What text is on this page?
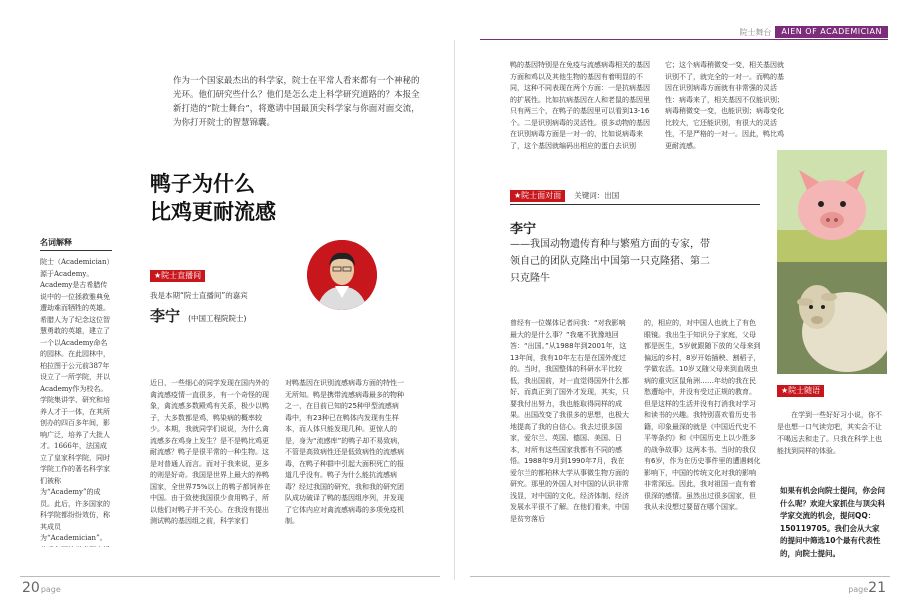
院士舞台	AIEN OF ACADEMICIAN
作为一个国家最杰出的科学家，院士在平常人看来都有一个神秘的光环。他们研究些什么？他们是怎么走上科学研究道路的？本报全新打造的“院士舞台”，将邀请中国最顶尖科学家与你面对面交流，为你打开院士的智慧锦囊。
鸭子为什么
比鸡更耐流感
名词解释
院士（Academician）源于Academy。Academy是古希腊传说中的一位拯救雅典免遭劫难而牺牲的英雄。希腊人为了纪念这位智慧勇敢的英雄，建立了一个以Academy命名的园林。在此园林中，柏拉图于公元前387年设立了一所学院，并以Academy作为校名。学院集讲学、研究和培养人才于一体，在其所创办的四百多年间，影响广泛，培养了大批人才。1666年，法国成立了皇家科学院，同时学院工作的著名科学家们被称为“Academy”的成员。此后，许多国家的科学院都纷纷效仿，称其成员为“Academician”。
★院士直播间
我是本期“院士直播间”的嘉宾
李宁 (中国工程院院士)
近日，一些细心的同学发现在国内外的禽流感疫情一直很多，有一个奇怪的现象，禽流感多数殿鸡有关系，极少以鸭子，大多数都是鸡，鸭染病的概率较少。本期，我就同学们说说，为什么禽流感多在鸡身上发生？是不是鸭比鸡更耐流感？鸭子是很平常的一种生物。这是对普通人而言。而对于我来说，更多的则是好奇。我国是世界上最大的养鸭国家，全世界75%以上的鸭子都饲养在中国。由于致使我国很少食用鸭子，所以他们对鸭子并不关心。在我没有提出测试鸭的基因组之前，科学家们
对鸭基因在识别流感病毒方面的特性一无所知。鸭是携带流感病毒最多的物种之一，在目前已知的25种甲型流感病毒中，有23种已在鸭体内发现有生样本，而人体只能发现几种。更惊人的是，身为“流感库”的鸭子却不易致病，不管是高致病性还是低致病性的流感病毒，在鸭子种群中引起大面积死亡的报道几乎没有。鸭子为什么能抗流感病毒？经过我国的研究，我和我的研究团队成功破译了鸭的基因组序列，并发现了它体内应对禽流感病毒的多项免疫机制。
鸭的基因特别是在免疫与流感病毒相关的基因方面和鸡以及其他生物的基因有着明显的不同，这种不同表现在两个方面：一是抗病基因的扩展性。比如抗病基因在人和老鼠的基因里只有两三个，在鸭子的基因里可以看到13-16个。二是识别病毒的灵活性。很多动物的基因在识别病毒方面是一对一的，比如说病毒来了，这个基因就编码出相应的蛋白去识别
它；这个病毒稍微变一变，相关基因就识别不了，就完全的一对一。而鸭的基因在识别病毒方面就有非常强的灵活性：病毒来了，相关基因不仅能识别；病毒稍微变一变，也能识别；病毒变化比较大，它还能识别，有很大的灵活性，不是严格的一对一。因此，鸭比鸡更耐流感。
★院士面对面 关键词：出国
李宁
——我国动物遗传育种与繁殖方面的专家，带领自己的团队克隆出中国第一只克隆猪、第二只克隆牛
曾经有一位媒体记者问我：“对我影响最大的是什么事？”我毫不犹豫地回答：“出国。”从1988年到2001年，这13年间，我有10年左右是在国外度过的。当时，我国整体的科研水平比较低，我出国前，对一直觉得国外什么都好、而真正到了国外才发现，其实，只要我付出努力，我也能取得同样的成果。出国改变了我很多的思想，也极大地提高了我的自信心。我去过很多国家，爱尔兰、英国、德国、美国、日本，对所有这些国家我都有不同的感悟。1988年9月到1990年7月，我在爱尔兰的都柏林大学从事微生物方面的研究。那里的外国人对中国的认识非常浅显，对中国的文化，经济体制、经济发展水平很不了解。在他们看来，中国是贫穷落后
的，相应的，对中国人也就上了有色眼镜。我出生于知识分子家庭，父母都是医生，5岁就跟随下放的父母来到偏远的乡村，8岁开始插秧、割稻子，学做农活。10岁又随父母来到血吸虫病的重灾区鼠角洲……年幼的我在民愁遭绐中，并没有受过正规的教育。但是这样的生活并没有打消我对学习和读书的兴趣。我特别喜欢看历史书籍，印象最深的就是《中国近代史不平等条约》和《中国历史上以少胜多的战争故事》这两本书。当时的我仅有6岁，作为在历史事件里的遭遇刺化影响下，中国的传统文化对我的影响非常深远。因此，我对祖国一直有着很深的感情。虽然出过很多国家，但我从未没想过要留在哪个国家。
★院士随语
在学到一些好好习小说，你不是也想一口气读完吧，其实会不让不喝远去和走了。只我在科学上也能找到同样的体验。
如果有机会向院士提问，你会问什么呢？欢迎大家抓住与顶尖科学家交流的机会，提问QQ：150119705。我们会从大家的提问中筛选10个最有代表性的，向院士提问。
20page	page21
